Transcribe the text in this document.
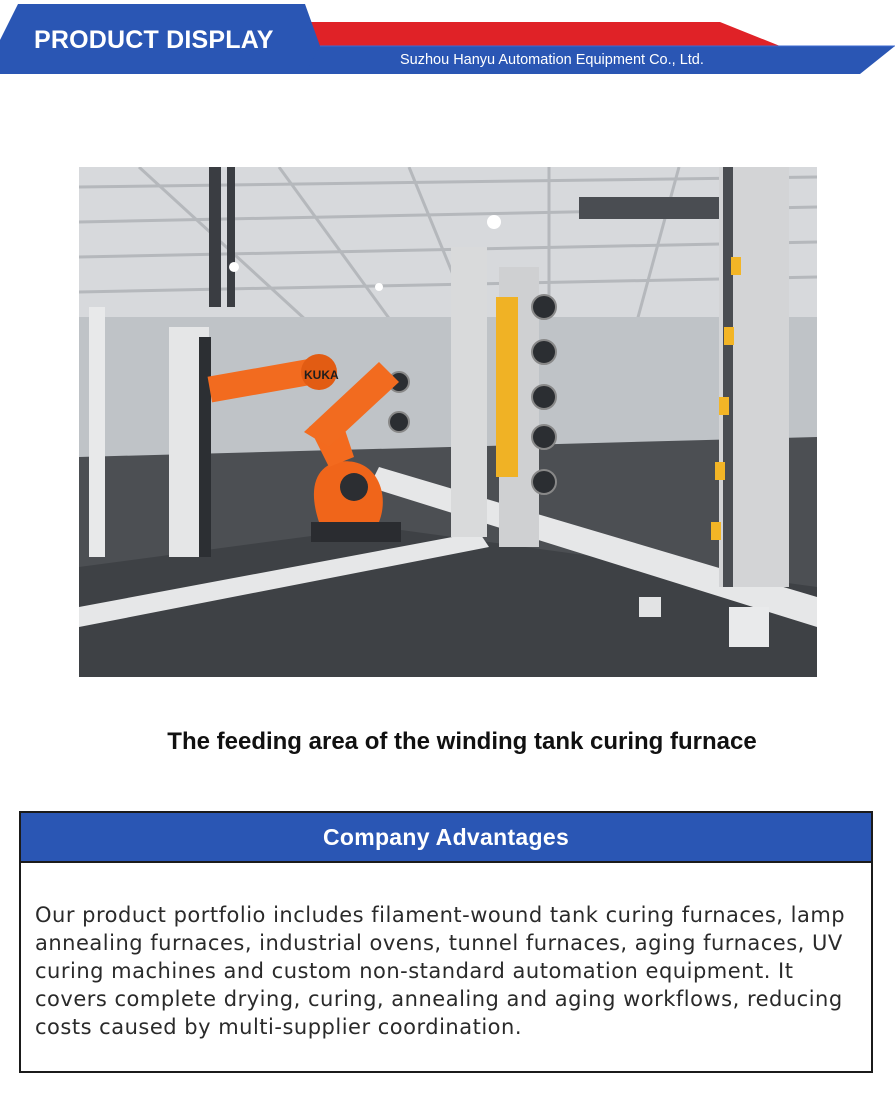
PRODUCT DISPLAY
Suzhou Hanyu Automation Equipment Co., Ltd.
KUKA
The feeding area of the winding tank curing furnace
Company Advantages
Our product portfolio includes filament-wound tank curing furnaces, lamp annealing furnaces, industrial ovens, tunnel furnaces, aging furnaces, UV curing machines and custom non-standard automation equipment. It covers complete drying, curing, annealing and aging workflows, reducing costs caused by multi-supplier coordination.
